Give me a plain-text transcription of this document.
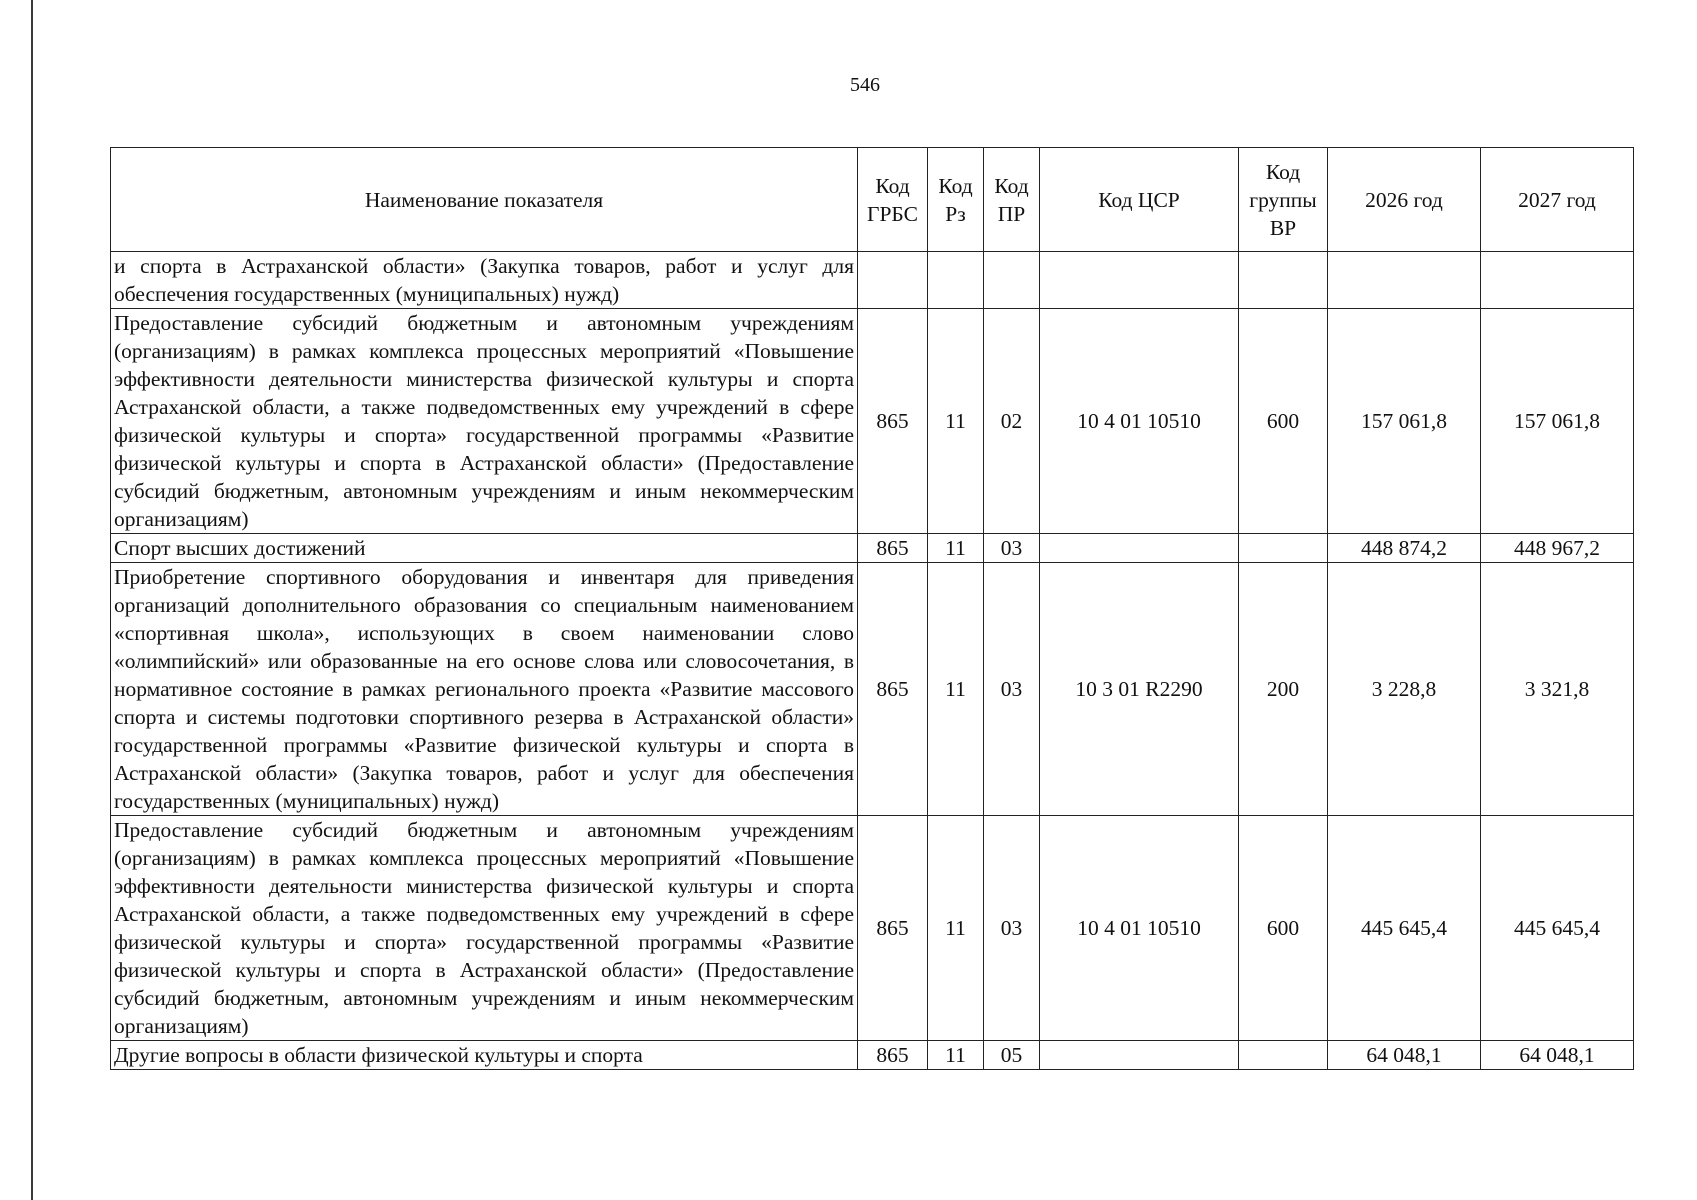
546
Наименование показателя	Код ГРБС	Код Рз	Код ПР	Код ЦСР	Код группы ВР	2026 год	2027 год
и спорта в Астраханской области» (Закупка товаров, работ и услуг для обеспечения государственных (муниципальных) нужд)							
Предоставление субсидий бюджетным и автономным учреждениям (организациям) в рамках комплекса процессных мероприятий «Повышение эффективности деятельности министерства физической культуры и спорта Астраханской области, а также подведомственных ему учреждений в сфере физической культуры и спорта» государственной программы «Развитие физической культуры и спорта в Астраханской области» (Предоставление субсидий бюджетным, автономным учреждениям и иным некоммерческим организациям)	865	11	02	10 4 01 10510	600	157 061,8	157 061,8
Спорт высших достижений	865	11	03			448 874,2	448 967,2
Приобретение спортивного оборудования и инвентаря для приведения организаций дополнительного образования со специальным наименованием «спортивная школа», использующих в своем наименовании слово «олимпийский» или образованные на его основе слова или словосочетания, в нормативное состояние в рамках регионального проекта «Развитие массового спорта и системы подготовки спортивного резерва в Астраханской области» государственной программы «Развитие физической культуры и спорта в Астраханской области» (Закупка товаров, работ и услуг для обеспечения государственных (муниципальных) нужд)	865	11	03	10 3 01 R2290	200	3 228,8	3 321,8
Предоставление субсидий бюджетным и автономным учреждениям (организациям) в рамках комплекса процессных мероприятий «Повышение эффективности деятельности министерства физической культуры и спорта Астраханской области, а также подведомственных ему учреждений в сфере физической культуры и спорта» государственной программы «Развитие физической культуры и спорта в Астраханской области» (Предоставление субсидий бюджетным, автономным учреждениям и иным некоммерческим организациям)	865	11	03	10 4 01 10510	600	445 645,4	445 645,4
Другие вопросы в области физической культуры и спорта	865	11	05			64 048,1	64 048,1
